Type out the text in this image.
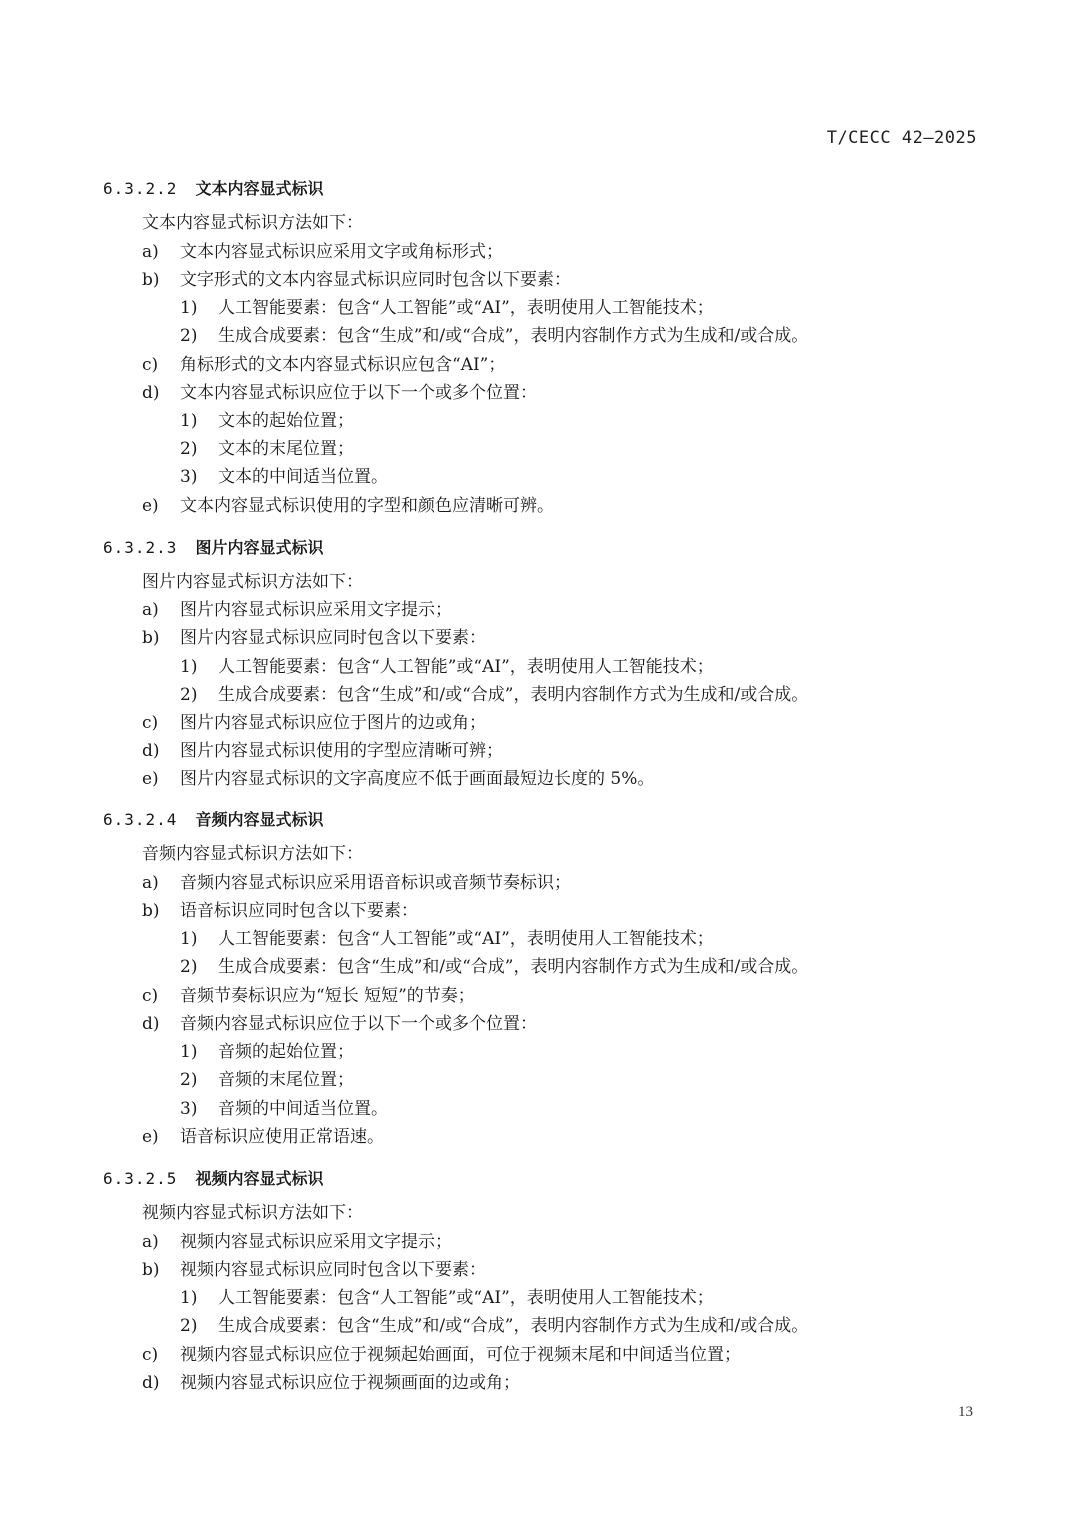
T/CECC 42—2025
6.3.2.2 文本内容显式标识
文本内容显式标识方法如下：
a) 文本内容显式标识应采用文字或角标形式；
b) 文字形式的文本内容显式标识应同时包含以下要素：
1) 人工智能要素：包含“人工智能”或“AI”，表明使用人工智能技术；
2) 生成合成要素：包含“生成”和/或“合成”，表明内容制作方式为生成和/或合成。
c) 角标形式的文本内容显式标识应包含“AI”；
d) 文本内容显式标识应位于以下一个或多个位置：
1) 文本的起始位置；
2) 文本的末尾位置；
3) 文本的中间适当位置。
e) 文本内容显式标识使用的字型和颜色应清晰可辨。
6.3.2.3 图片内容显式标识
图片内容显式标识方法如下：
a) 图片内容显式标识应采用文字提示；
b) 图片内容显式标识应同时包含以下要素：
1) 人工智能要素：包含“人工智能”或“AI”，表明使用人工智能技术；
2) 生成合成要素：包含“生成”和/或“合成”，表明内容制作方式为生成和/或合成。
c) 图片内容显式标识应位于图片的边或角；
d) 图片内容显式标识使用的字型应清晰可辨；
e) 图片内容显式标识的文字高度应不低于画面最短边长度的 5%。
6.3.2.4 音频内容显式标识
音频内容显式标识方法如下：
a) 音频内容显式标识应采用语音标识或音频节奏标识；
b) 语音标识应同时包含以下要素：
1) 人工智能要素：包含“人工智能”或“AI”，表明使用人工智能技术；
2) 生成合成要素：包含“生成”和/或“合成”，表明内容制作方式为生成和/或合成。
c) 音频节奏标识应为“短长 短短”的节奏；
d) 音频内容显式标识应位于以下一个或多个位置：
1) 音频的起始位置；
2) 音频的末尾位置；
3) 音频的中间适当位置。
e) 语音标识应使用正常语速。
6.3.2.5 视频内容显式标识
视频内容显式标识方法如下：
a) 视频内容显式标识应采用文字提示；
b) 视频内容显式标识应同时包含以下要素：
1) 人工智能要素：包含“人工智能”或“AI”，表明使用人工智能技术；
2) 生成合成要素：包含“生成”和/或“合成”，表明内容制作方式为生成和/或合成。
c) 视频内容显式标识应位于视频起始画面，可位于视频末尾和中间适当位置；
d) 视频内容显式标识应位于视频画面的边或角；
13
